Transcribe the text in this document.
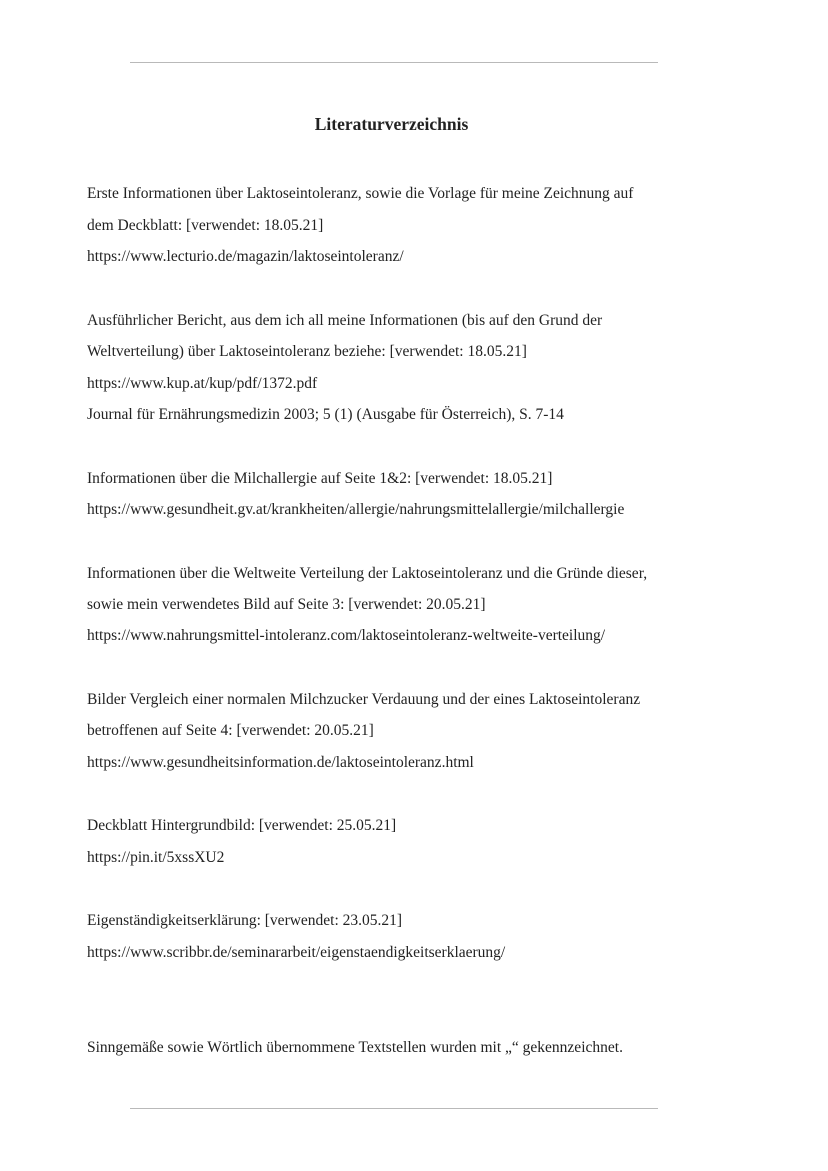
Literaturverzeichnis
Erste Informationen über Laktoseintoleranz, sowie die Vorlage für meine Zeichnung auf
dem Deckblatt: [verwendet: 18.05.21]
https://www.lecturio.de/magazin/laktoseintoleranz/
Ausführlicher Bericht, aus dem ich all meine Informationen (bis auf den Grund der
Weltverteilung) über Laktoseintoleranz beziehe: [verwendet: 18.05.21]
https://www.kup.at/kup/pdf/1372.pdf
Journal für Ernährungsmedizin 2003; 5 (1) (Ausgabe für Österreich), S. 7-14
Informationen über die Milchallergie auf Seite 1&2: [verwendet: 18.05.21]
https://www.gesundheit.gv.at/krankheiten/allergie/nahrungsmittelallergie/milchallergie
Informationen über die Weltweite Verteilung der Laktoseintoleranz und die Gründe dieser,
sowie mein verwendetes Bild auf Seite 3: [verwendet: 20.05.21]
https://www.nahrungsmittel-intoleranz.com/laktoseintoleranz-weltweite-verteilung/
Bilder Vergleich einer normalen Milchzucker Verdauung und der eines Laktoseintoleranz
betroffenen auf Seite 4: [verwendet: 20.05.21]
https://www.gesundheitsinformation.de/laktoseintoleranz.html
Deckblatt Hintergrundbild: [verwendet: 25.05.21]
https://pin.it/5xssXU2
Eigenständigkeitserklärung: [verwendet: 23.05.21]
https://www.scribbr.de/seminararbeit/eigenstaendigkeitserklaerung/
Sinngemäße sowie Wörtlich übernommene Textstellen wurden mit „“ gekennzeichnet.
